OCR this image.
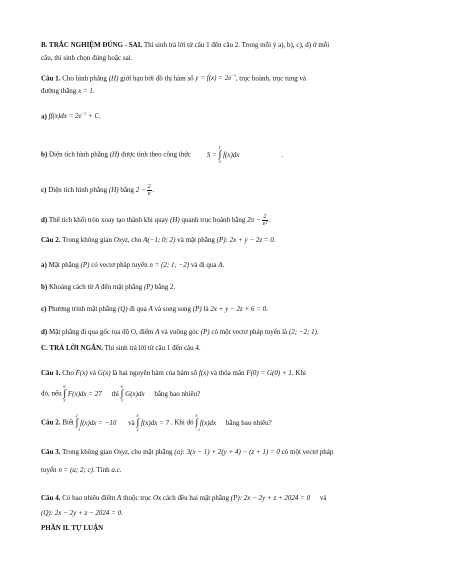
B. TRẮC NGHIỆM ĐÚNG - SAI. Thí sinh trả lời từ câu 1 đến câu 2. Trong mỗi ý a), b), c), d) ở mỗi
câu, thí sinh chọn đúng hoặc sai.
Câu 1. Cho hình phẳng (H) giới hạn bởi đồ thị hàm số $y = f(x) = 2e^{-x}$, trục hoành, trục tung và
đường thẳng x = 1.
a) $\int f(x)dx = 2e^{-x} + C$.
b) Diện tích hình phẳng (H) được tính theo công thức S = ∫
1
0
f(x)dx	.
c) Diện tích hình phẳng (H) bằng $2 - \frac{2}{e}$ .
d) Thể tích khối tròn xoay tạo thành khi quay (H) quanh trục hoành bằng $2\pi - \frac{2}{\text{e²}}$ .
Câu 2. Trong không gian Oxyz, cho A(−1; 0; 2) và mặt phẳng (P): 2x + y − 2z = 0.
a) Mặt phẳng (P) có vectơ pháp tuyến n = (2; 1; −2) và đi qua A.
b) Khoảng cách từ A đến mặt phẳng (P) bằng 2.
c) Phương trình mặt phẳng (Q) đi qua A và song song (P) là 2x + y − 2z + 6 = 0.
d) Mặt phẳng đi qua gốc tọa độ O, điểm A và vuông góc (P) có một vectơ pháp tuyến là (2; −2; 1).
C. TRẢ LỜI NGẮN. Thí sinh trả lời từ câu 1 đến câu 4.
Câu 1. Cho F(x) và G(x) là hai nguyên hàm của hàm số f(x) và thỏa mãn F(0) = G(0) + 1. Khi
đó, nếu ∫
6
3
F(x)dx = 27 thì ∫
6
3
G(x)dx bằng bao nhiêu?
Câu 2. Biết ∫
2
−1
f(x)dx = −10 và ∫
5
2
f(x)dx = 7 . Khi đó ∫
5
−1
f(x)dx bằng bao nhiêu?
Câu 3. Trong không gian Oxyz, cho mặt phẳng (α): 3(x − 1) + 2(y + 4) − (z + 1) = 0 có một vectơ pháp
tuyến n = (a; 2; c). Tính a.c.
Câu 4. Có bao nhiêu điểm A thuộc trục Ox cách đều hai mặt phẳng (P): 2x − 2y + z + 2024 = 0 và
(Q): 2x − 2y + z − 2024 = 0.
PHẦN II. TỰ LUẬN
